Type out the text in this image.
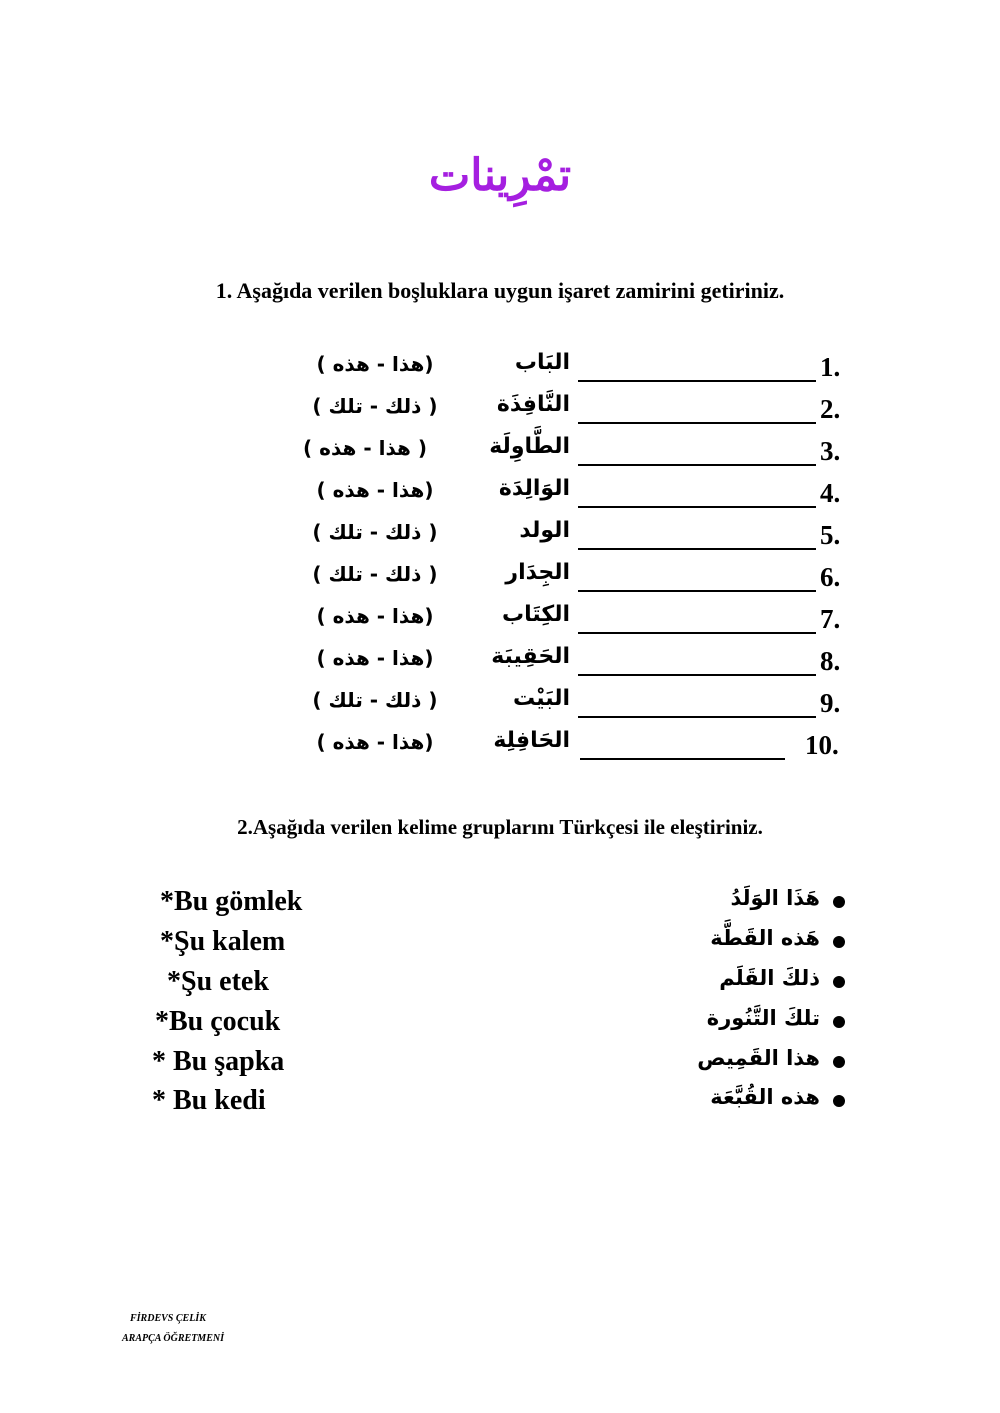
تمْرِينات
1. Aşağıda verilen boşluklara uygun işaret zamirini getiriniz.
1.
البَاب
(هذا - هذه )
2.
النَّافِذَة
( ذلك - تلك )
3.
الطَّاوِلَة
( هذا - هذه )
4.
الوَالِدَة
(هذا - هذه )
5.
الولد
( ذلك - تلك )
6.
الجِدَار
( ذلك - تلك )
7.
الكِتَاب
(هذا - هذه )
8.
الحَقِيبَة
(هذا - هذه )
9.
البَيْت
( ذلك - تلك )
10.
الحَافِلِة
(هذا - هذه )
2.Aşağıda verilen kelime gruplarını Türkçesi ile eleştiriniz.
*Bu gömlek	هَذَا الوَلَدُ
*Şu kalem	هَذه القَطَّة
*Şu etek	ذلكَ القَلَم
*Bu çocuk	تلكَ التَّنُورة
* Bu şapka	هذا القَمِيص
* Bu kedi	هذه القُبَّعَة
FİRDEVS ÇELİK
ARAPÇA ÖĞRETMENİ
